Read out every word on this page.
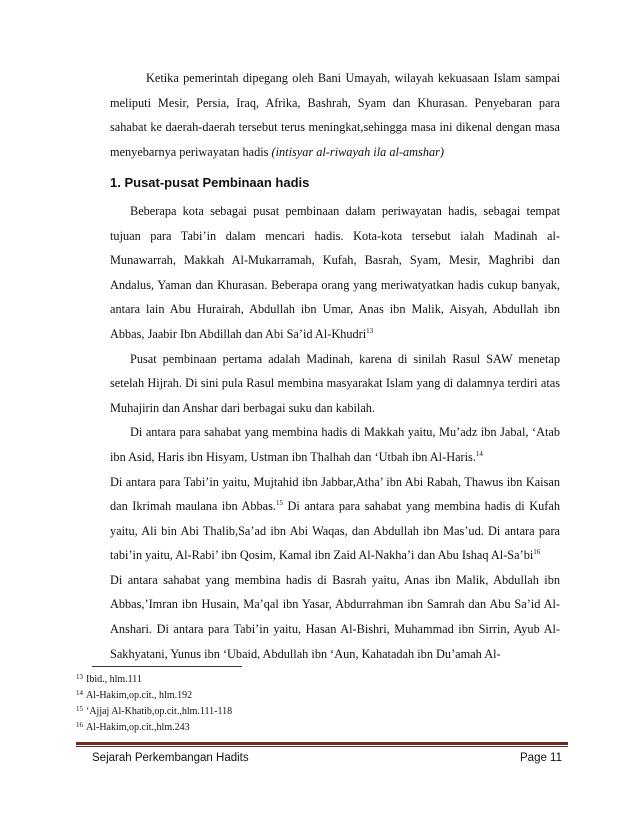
Ketika pemerintah dipegang oleh Bani Umayah, wilayah kekuasaan Islam sampai meliputi Mesir, Persia, Iraq, Afrika, Bashrah, Syam dan Khurasan. Penyebaran para sahabat ke daerah-daerah tersebut terus meningkat,sehingga masa ini dikenal dengan masa menyebarnya periwayatan hadis (intisyar al-riwayah ila al-amshar)

1. Pusat-pusat Pembinaan hadis

Beberapa kota sebagai pusat pembinaan dalam periwayatan hadis, sebagai tempat tujuan para Tabi’in dalam mencari hadis. Kota-kota tersebut ialah Madinah al-Munawarrah, Makkah Al-Mukarramah, Kufah, Basrah, Syam, Mesir, Maghribi dan Andalus, Yaman dan Khurasan. Beberapa orang yang meriwatyatkan hadis cukup banyak, antara lain Abu Hurairah, Abdullah ibn Umar, Anas ibn Malik, Aisyah, Abdullah ibn Abbas, Jaabir Ibn Abdillah dan Abi Sa’id Al-Khudri$^{13}$

Pusat pembinaan pertama adalah Madinah, karena di sinilah Rasul SAW menetap setelah Hijrah. Di sini pula Rasul membina masyarakat Islam yang di dalamnya terdiri atas Muhajirin dan Anshar dari berbagai suku dan kabilah.

Di antara para sahabat yang membina hadis di Makkah yaitu, Mu’adz ibn Jabal, ‘Atab ibn Asid, Haris ibn Hisyam, Ustman ibn Thalhah dan ‘Utbah ibn Al-Haris.$^{14}$

Di antara para Tabi’in yaitu, Mujtahid ibn Jabbar,Atha’ ibn Abi Rabah, Thawus ibn Kaisan dan Ikrimah maulana ibn Abbas.$^{15}$ Di antara para sahabat yang membina hadis di Kufah yaitu, Ali bin Abi Thalib,Sa’ad ibn Abi Waqas, dan Abdullah ibn Mas’ud. Di antara para tabi’in yaitu, Al-Rabi’ ibn Qosim, Kamal ibn Zaid Al-Nakha’i dan Abu Ishaq $Al-Sa’bi^{16}$

Di antara sahabat yang membina hadis di Basrah yaitu, Anas ibn Malik, Abdullah ibn Abbas,’Imran ibn Husain, Ma’qal ibn Yasar, Abdurrahman ibn Samrah dan Abu Sa’id Al-Anshari. Di antara para Tabi’in yaitu, Hasan Al-Bishri, Muhammad ibn Sirrin, Ayub Al-Sakhyatani, Yunus ibn ‘Ubaid, Abdullah ibn ‘Aun, Kahatadah ibn Du’amah Al-

$^{13}$ Ibid., hlm.111
$^{14}$ Al-Hakim,op.cit., hlm.192
$^{15}$ ‘Ajjaj Al-Khatib,op.cit.,hlm.111-118
$^{16}$ Al-Hakim,op.cit.,hlm.243
Sejarah Perkembangan Hadits	Page 11
